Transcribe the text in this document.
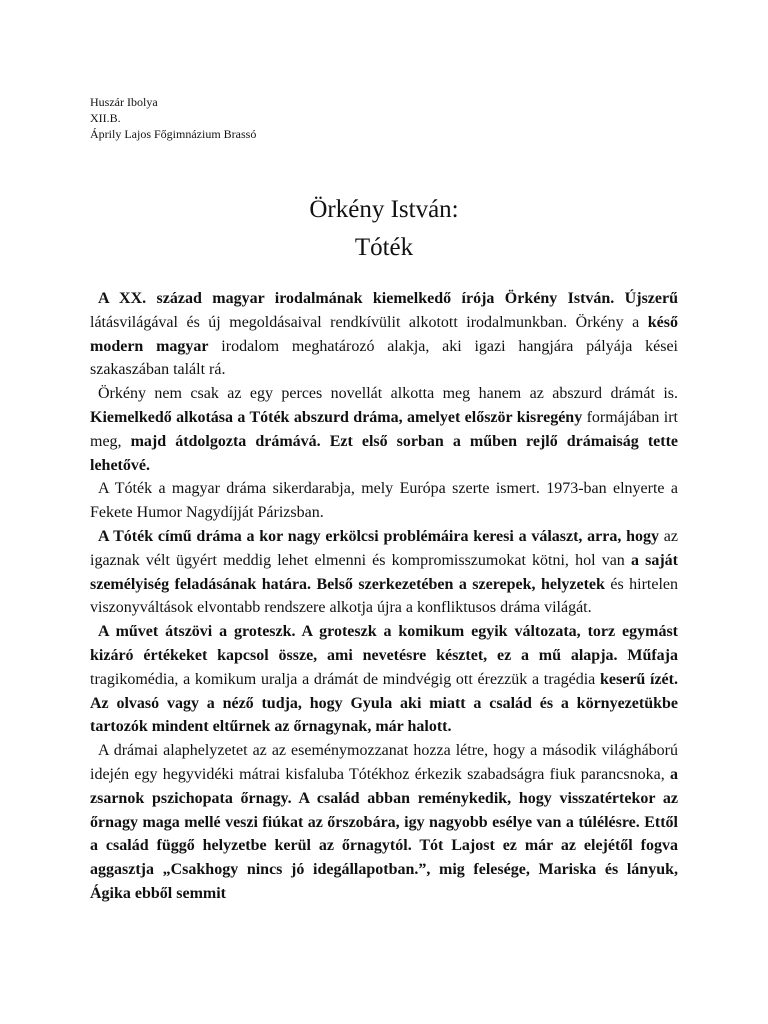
Huszár Ibolya
XII.B.
Áprily Lajos Főgimnázium Brassó
Örkény István:
Tóték

A XX. század magyar irodalmának kiemelkedő írója Örkény István. Újszerű látásvilágával és új megoldásaival rendkívülit alkotott irodalmunkban. Örkény a késő modern magyar irodalom meghatározó alakja, aki igazi hangjára pályája kései szakaszában talált rá.

Örkény nem csak az egy perces novellát alkotta meg hanem az abszurd drámát is. Kiemelkedő alkotása a Tóték abszurd dráma, amelyet először kisregény formájában irt meg, majd átdolgozta drámává. Ezt első sorban a műben rejlő drámaiság tette lehetővé.

A Tóték a magyar dráma sikerdarabja, mely Európa szerte ismert. 1973-ban elnyerte a Fekete Humor Nagydíjját Párizsban.

A Tóték című dráma a kor nagy erkölcsi problémáira keresi a választ, arra, hogy az igaznak vélt ügyért meddig lehet elmenni és kompromisszumokat kötni, hol van a saját személyiség feladásának határa. Belső szerkezetében a szerepek, helyzetek és hirtelen viszonyváltások elvontabb rendszere alkotja újra a konfliktusos dráma világát.

A művet átszövi a groteszk. A groteszk a komikum egyik változata, torz egymást kizáró értékeket kapcsol össze, ami nevetésre késztet, ez a mű alapja. Műfaja tragikomédia, a komikum uralja a drámát de mindvégig ott érezzük a tragédia keserű ízét. Az olvasó vagy a néző tudja, hogy Gyula aki miatt a család és a környezetükbe tartozók mindent eltűrnek az őrnagynak, már halott.

A drámai alaphelyzetet az az eseménymozzanat hozza létre, hogy a második világháború idején egy hegyvidéki mátrai kisfaluba Tótékhoz érkezik szabadságra fiuk parancsnoka, a zsarnok pszichopata őrnagy. A család abban reménykedik, hogy visszatértekor az őrnagy maga mellé veszi fiúkat az őrszobára, igy nagyobb esélye van a túlélésre. Ettől a család függő helyzetbe kerül az őrnagytól. Tót Lajost ez már az elejétől fogva aggasztja „Csakhogy nincs jó idegállapotban.”, mig felesége, Mariska és lányuk, Ágika ebből semmit
